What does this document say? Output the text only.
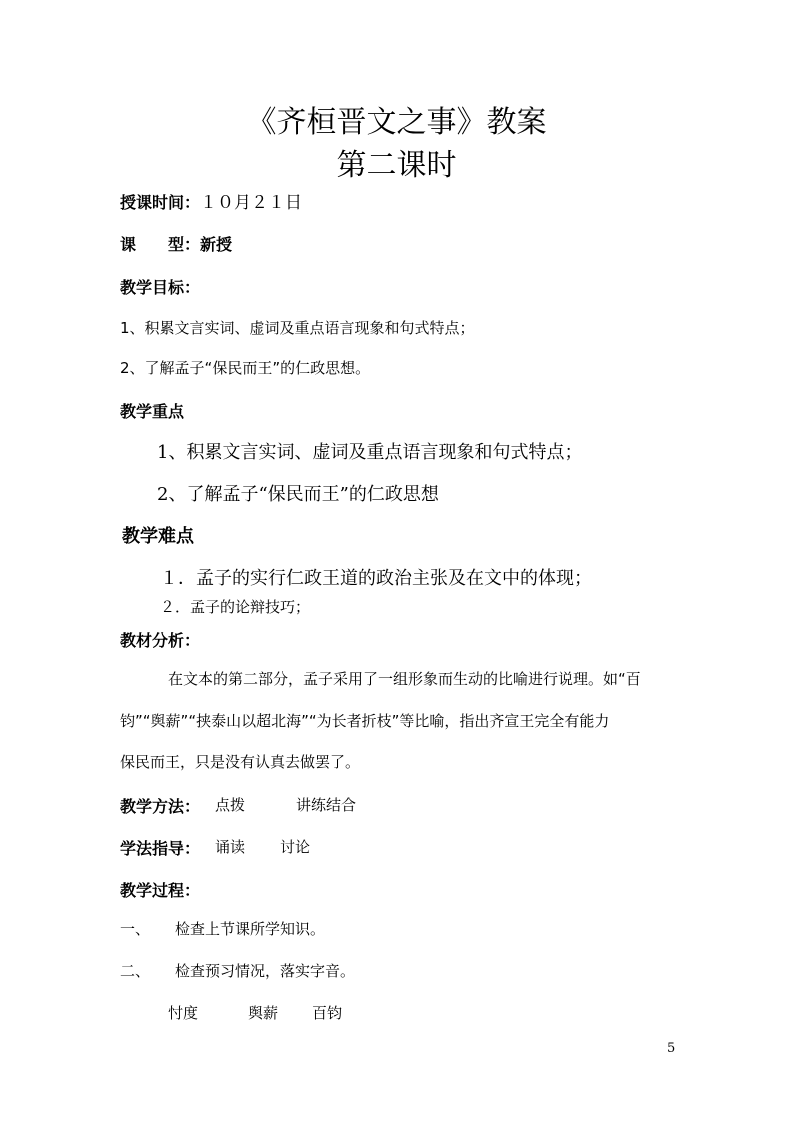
《齐桓晋文之事》教案
第二课时
授课时间：１０月２１日
课　　型：新授
教学目标：
1、积累文言实词、虚词及重点语言现象和句式特点；
2、了解孟子“保民而王”的仁政思想。
教学重点
1、积累文言实词、虚词及重点语言现象和句式特点；
2、了解孟子“保民而王”的仁政思想
教学难点
１．孟子的实行仁政王道的政治主张及在文中的体现；
２．孟子的论辩技巧；
教材分析：
在文本的第二部分，孟子采用了一组形象而生动的比喻进行说理。如“百
钧”“舆薪”“挟泰山以超北海”“为长者折枝”等比喻，指出齐宣王完全有能力
保民而王，只是没有认真去做罢了。
教学方法： 点拨	讲练结合
学法指导： 诵读 讨论
教学过程：
一、 检查上节课所学知识。
二、 检查预习情况，落实字音。
忖度	舆薪 百钧
5
